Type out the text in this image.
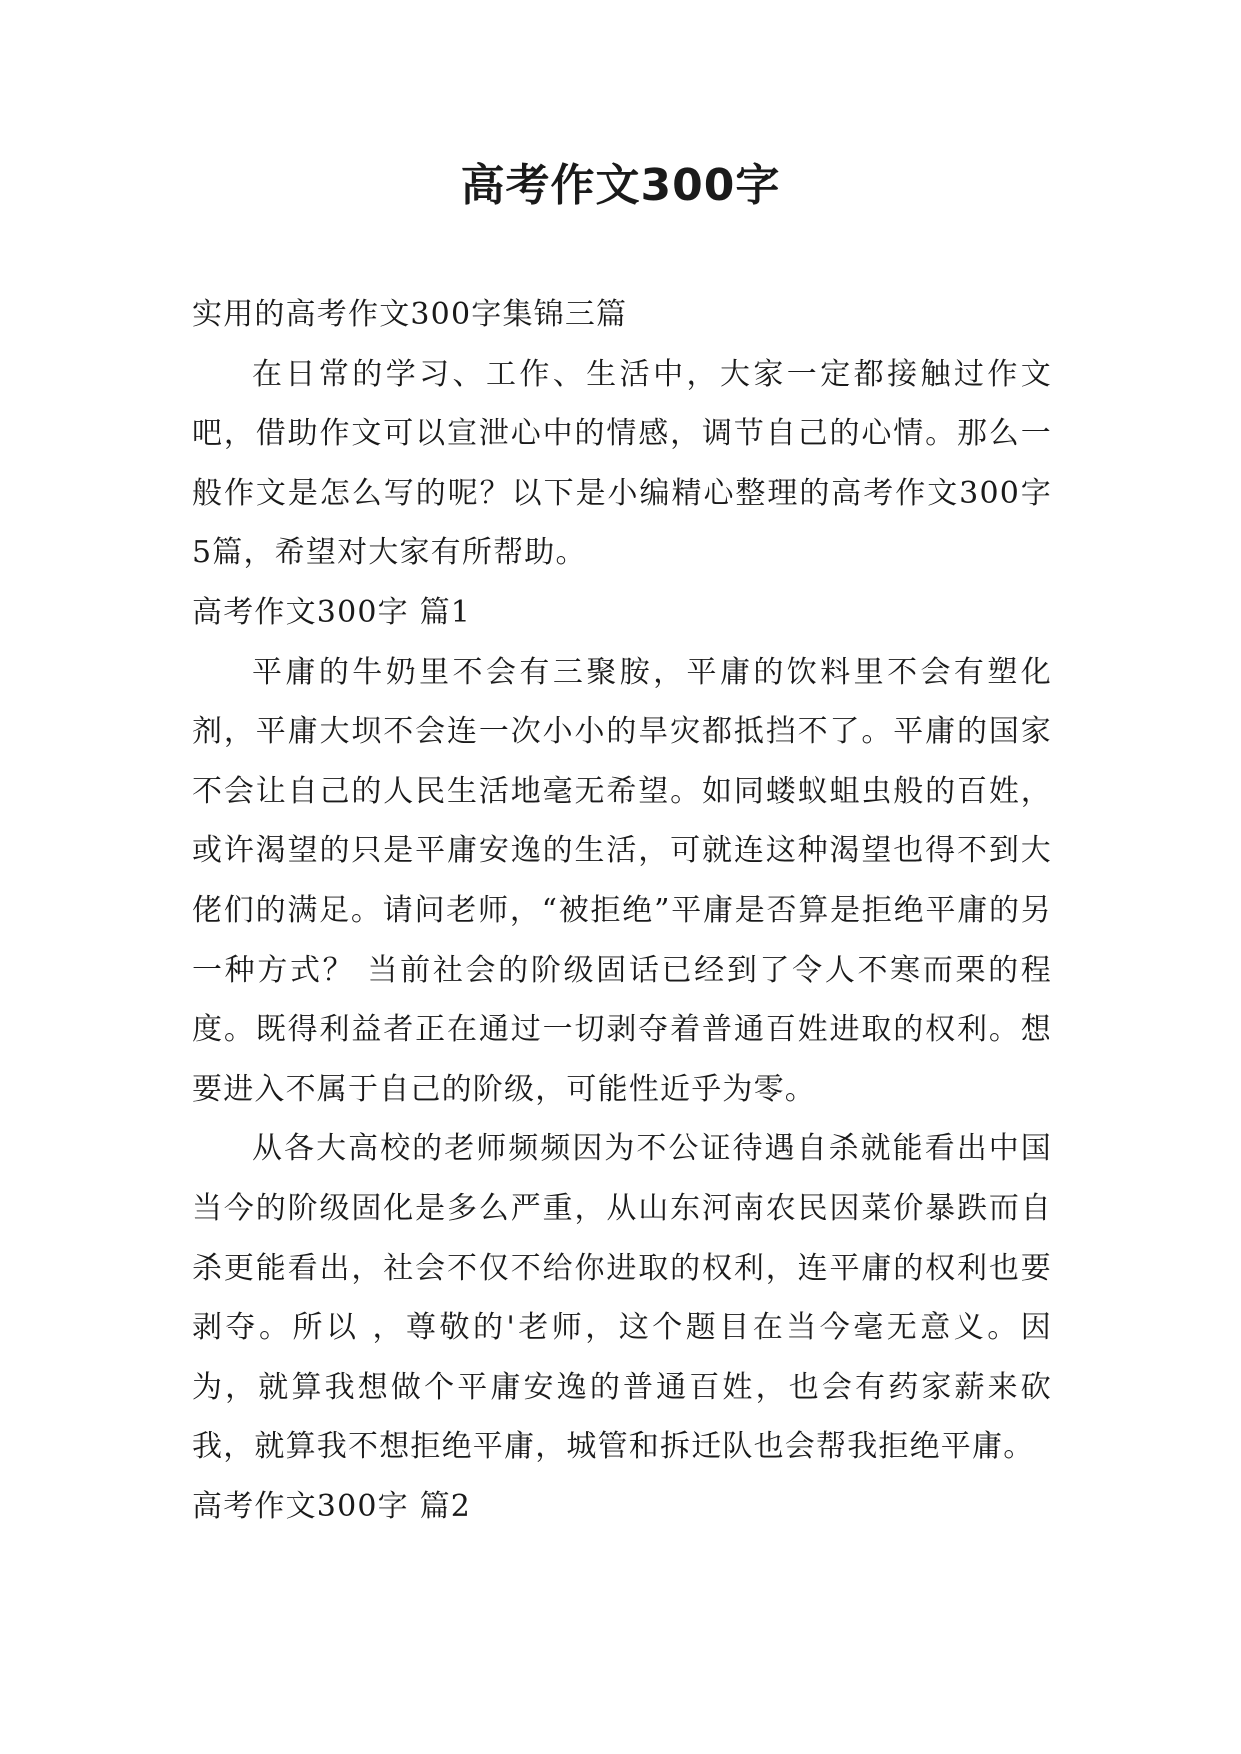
高考作文300字

实用的高考作文300字集锦三篇

在日常的学习、工作、生活中，大家一定都接触过作文吧，借助作文可以宣泄心中的情感，调节自己的心情。那么一般作文是怎么写的呢？以下是小编精心整理的高考作文300字5篇，希望对大家有所帮助。

高考作文300字 篇1

平庸的牛奶里不会有三聚胺，平庸的饮料里不会有塑化剂，平庸大坝不会连一次小小的旱灾都抵挡不了。平庸的国家不会让自己的人民生活地毫无希望。如同蝼蚁蛆虫般的百姓，或许渴望的只是平庸安逸的生活，可就连这种渴望也得不到大佬们的满足。请问老师，“被拒绝”平庸是否算是拒绝平庸的另一种方式？ 当前社会的阶级固话已经到了令人不寒而栗的程度。既得利益者正在通过一切剥夺着普通百姓进取的权利。想要进入不属于自己的阶级，可能性近乎为零。

从各大高校的老师频频因为不公证待遇自杀就能看出中国当今的阶级固化是多么严重，从山东河南农民因菜价暴跌而自杀更能看出，社会不仅不给你进取的权利，连平庸的权利也要剥夺。所以 ，尊敬的'老师，这个题目在当今毫无意义。因为，就算我想做个平庸安逸的普通百姓，也会有药家薪来砍我，就算我不想拒绝平庸，城管和拆迁队也会帮我拒绝平庸。

高考作文300字 篇2
